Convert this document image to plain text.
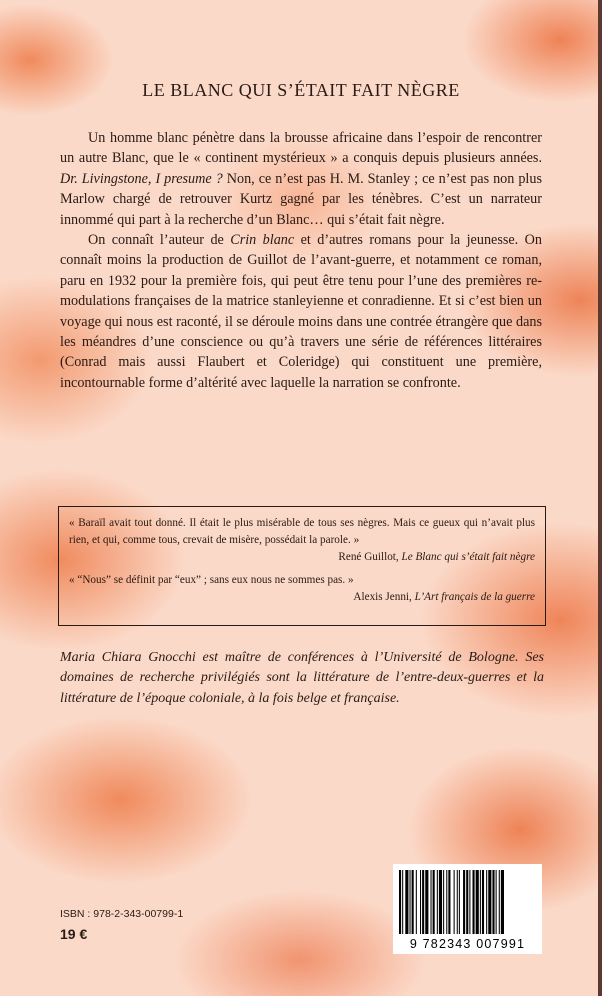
LE BLANC QUI S’ÉTAIT FAIT NÈGRE

Un homme blanc pénètre dans la brousse africaine dans l’espoir de rencontrer un autre Blanc, que le « continent mystérieux » a conquis depuis plusieurs années. Dr. Livingstone, I presume ? Non, ce n’est pas H. M. Stanley ; ce n’est pas non plus Marlow chargé de retrouver Kurtz gagné par les ténèbres. C’est un narrateur innommé qui part à la recherche d’un Blanc… qui s’était fait nègre.

On connaît l’auteur de Crin blanc et d’autres romans pour la jeunesse. On connaît moins la production de Guillot de l’avant-guerre, et notamment ce roman, paru en 1932 pour la première fois, qui peut être tenu pour l’une des premières re-modulations françaises de la matrice stanleyienne et conradienne. Et si c’est bien un voyage qui nous est raconté, il se déroule moins dans une contrée étrangère que dans les méandres d’une conscience ou qu’à travers une série de références littéraires (Conrad mais aussi Flaubert et Coleridge) qui constituent une première, incontournable forme d’altérité avec laquelle la narration se confronte.

« Baraïl avait tout donné. Il était le plus misérable de tous ses nègres. Mais ce gueux qui n’avait plus rien, et qui, comme tous, crevait de misère, possédait la parole. »
René Guillot, Le Blanc qui s’était fait nègre
« “Nous” se définit par “eux” ; sans eux nous ne sommes pas. »
Alexis Jenni, L’Art français de la guerre
Maria Chiara Gnocchi est maître de conférences à l’Université de Bologne. Ses domaines de recherche privilégiés sont la littérature de l’entre-deux-guerres et la littérature de l’époque coloniale, à la fois belge et française.
ISBN : 978-2-343-00799-1
19 €
9 782343 007991
